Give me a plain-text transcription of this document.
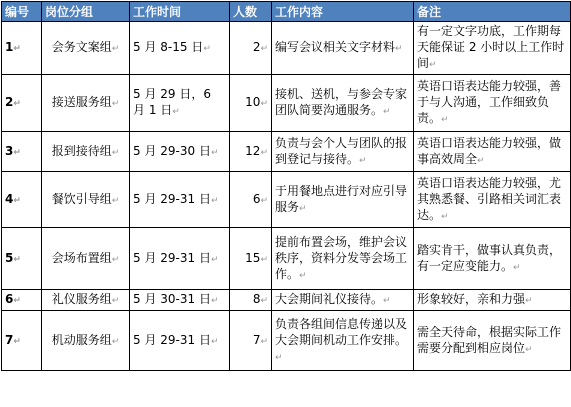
编号	岗位分组	工作时间	人数	工作内容	备注
1↵	会务文案组↵	5 月 8-15 日↵	2↵	编写会议相关文字材料↵	有一定文字功底，工作期每天能保证 2 小时以上工作时间↵
2↵	接送服务组↵	5 月 29 日，6 月 1 日↵	10↵	接机、送机，与参会专家团队简要沟通服务。↵	英语口语表达能力较强，善于与人沟通，工作细致负责。↵
3↵	报到接待组↵	5 月 29-30 日↵	12↵	负责与会个人与团队的报到登记与接待。↵	英语口语表达能力较强，做事高效周全↵
4↵	餐饮引导组↵	5 月 29-31 日↵	6↵	于用餐地点进行对应引导服务↵	英语口语表达能力较强，尤其熟悉餐、引路相关词汇表达。↵
5↵	会场布置组↵	5 月 29-31 日↵	15↵	提前布置会场，维护会议秩序，资料分发等会场工作。↵	踏实肯干，做事认真负责，有一定应变能力。↵
6↵	礼仪服务组↵	5 月 30-31 日↵	8↵	大会期间礼仪接待。↵	形象较好，亲和力强↵
7↵	机动服务组↵	5 月 29-31 日↵	7↵	负责各组间信息传递以及大会期间机动工作安排。↵	需全天待命，根据实际工作需要分配到相应岗位↵
